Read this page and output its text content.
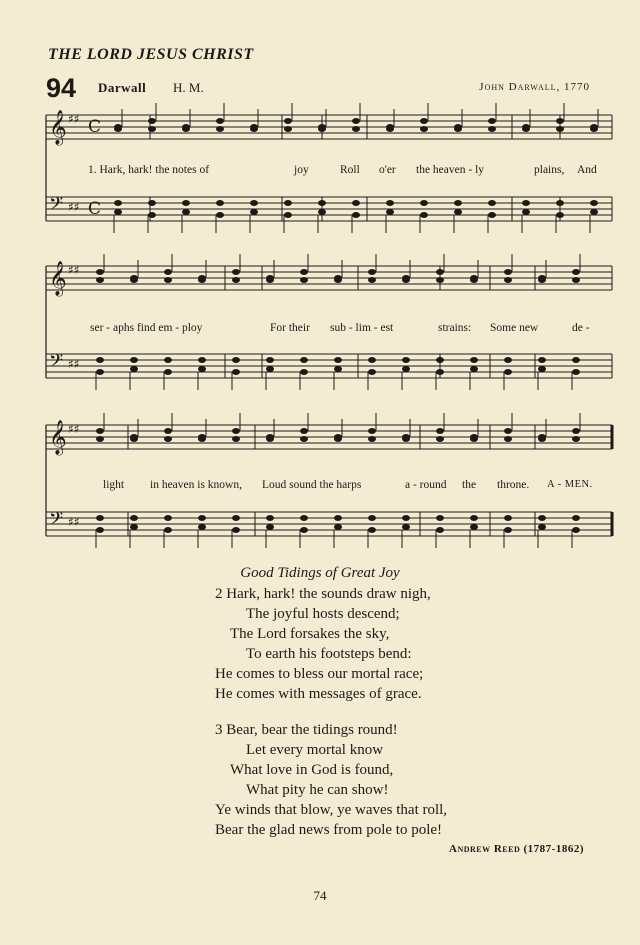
THE LORD JESUS CHRIST
94 Darwall H. M.	John Darwall, 1770
𝄞 ♯♯ C
𝄢 ♯♯ C
𝄞 ♯♯
𝄢 ♯♯
𝄞 ♯♯
𝄢 ♯♯
1. Hark, hark! the notes of	joy	Roll o'er the heaven - ly	plains, And
ser - aphs find em - ploy	For their sub - lim - est	strains: Some new	de -
light in heaven is known, Loud sound the harps	a - round the throne. A - MEN.
Good Tidings of Great Joy
2 Hark, hark! the sounds draw nigh,
The joyful hosts descend;
The Lord forsakes the sky,
To earth his footsteps bend:
He comes to bless our mortal race;
He comes with messages of grace.
3 Bear, bear the tidings round!
Let every mortal know
What love in God is found,
What pity he can show!
Ye winds that blow, ye waves that roll,
Bear the glad news from pole to pole!
Andrew Reed (1787-1862)
74
